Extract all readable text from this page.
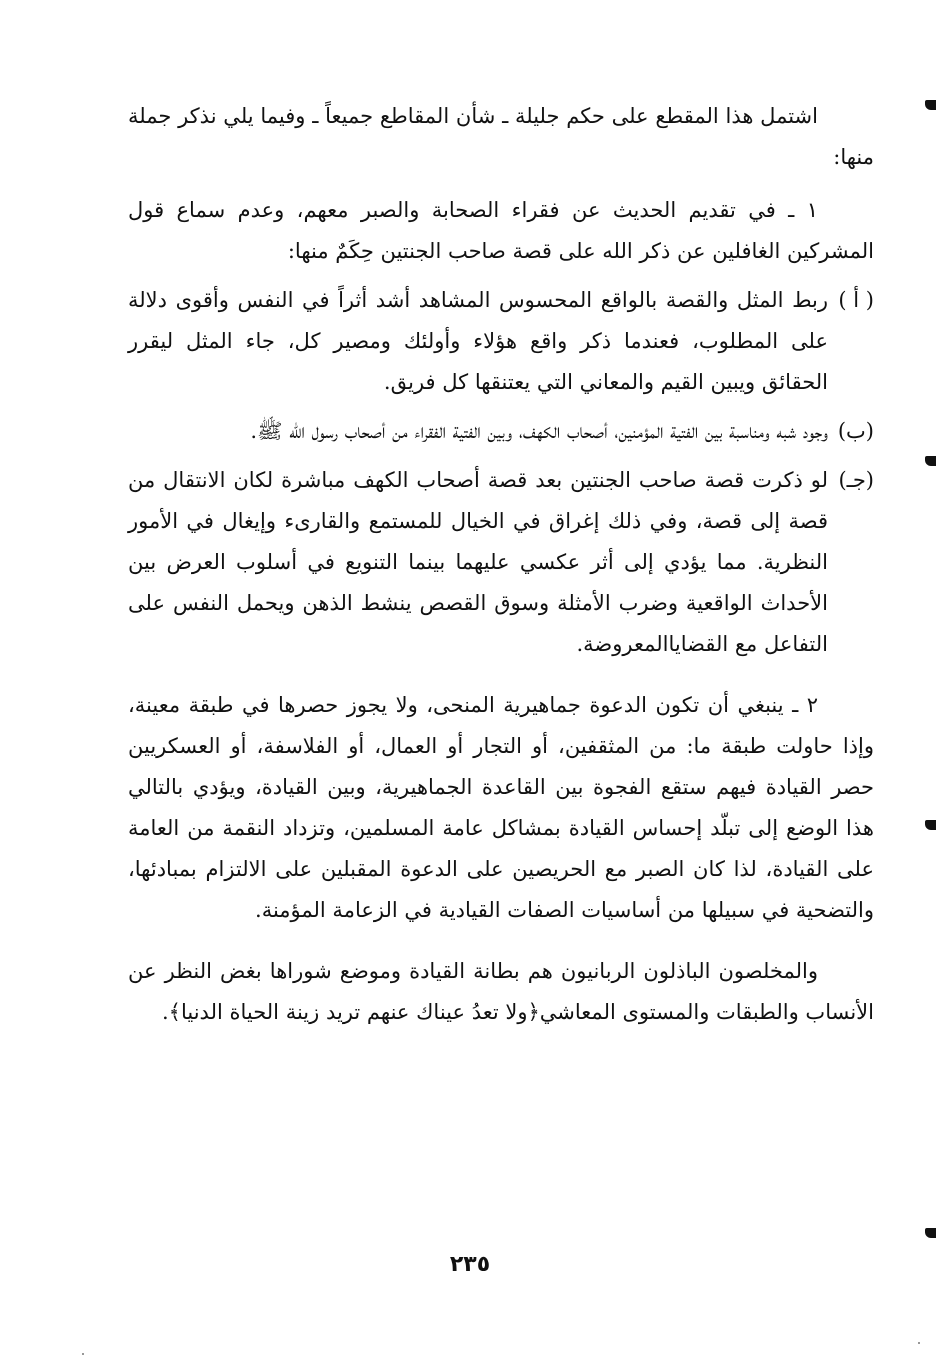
اشتمل هذا المقطع على حكم جليلة ـ شأن المقاطع جميعاً ـ وفيما يلي نذكر جملة منها:

١ ـ في تقديم الحديث عن فقراء الصحابة والصبر معهم، وعدم سماع قول المشركين الغافلين عن ذكر الله على قصة صاحب الجنتين حِكَمٌ منها:

( أ )
ربط المثل والقصة بالواقع المحسوس المشاهد أشد أثراً في النفس وأقوى دلالة على المطلوب، فعندما ذكر واقع هؤلاء وأولئك ومصير كل، جاء المثل ليقرر الحقائق ويبين القيم والمعاني التي يعتنقها كل فريق.
(ب)
وجود شبه ومناسبة بين الفتية المؤمنين، أصحاب الكهف، وبين الفتية الفقراء من أصحاب رسول الله ﷺ.
(جـ)
لو ذكرت قصة صاحب الجنتين بعد قصة أصحاب الكهف مباشرة لكان الانتقال من قصة إلى قصة، وفي ذلك إغراق في الخيال للمستمع والقارىء وإيغال في الأمور النظرية. مما يؤدي إلى أثر عكسي عليهما بينما التنويع في أسلوب العرض بين الأحداث الواقعية وضرب الأمثلة وسوق القصص ينشط الذهن ويحمل النفس على التفاعل مع القضاياالمعروضة.

٢ ـ ينبغي أن تكون الدعوة جماهيرية المنحى، ولا يجوز حصرها في طبقة معينة، وإذا حاولت طبقة ما: من المثقفين، أو التجار أو العمال، أو الفلاسفة، أو العسكريين حصر القيادة فيهم ستقع الفجوة بين القاعدة الجماهيرية، وبين القيادة، ويؤدي بالتالي هذا الوضع إلى تبلّد إحساس القيادة بمشاكل عامة المسلمين، وتزداد النقمة من العامة على القيادة، لذا كان الصبر مع الحريصين على الدعوة المقبلين على الالتزام بمبادئها، والتضحية في سبيلها من أساسيات الصفات القيادية في الزعامة المؤمنة.

والمخلصون الباذلون الربانيون هم بطانة القيادة وموضع شوراها بغض النظر عن الأنساب والطبقات والمستوى المعاشي﴿ولا تعدُ عيناك عنهم تريد زينة الحياة الدنيا﴾.

٢٣٥
